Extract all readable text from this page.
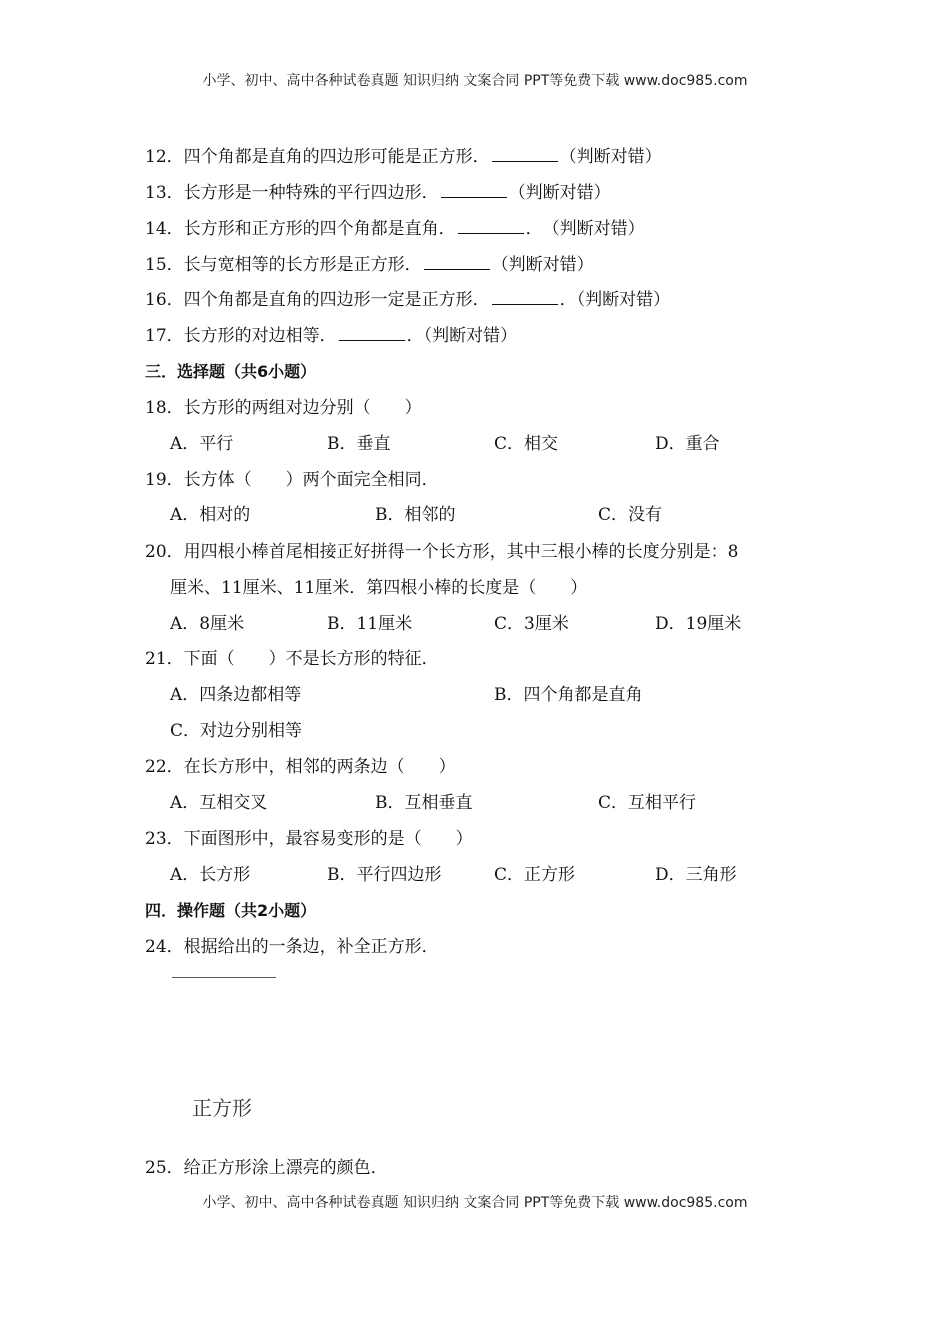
小学、初中、高中各种试卷真题 知识归纳 文案合同 PPT等免费下载 www.doc985.com
12．四个角都是直角的四边形可能是正方形．	（判断对错）
13．长方形是一种特殊的平行四边形．	（判断对错）
14．长方形和正方形的四个角都是直角．	．　（判断对错）
15．长与宽相等的长方形是正方形．	（判断对错）
16．四个角都是直角的四边形一定是正方形．	．（判断对错）
17．长方形的对边相等．	．（判断对错）
三．选择题（共6小题）
18．长方形的两组对边分别（　　）
A．平行	B．垂直	C．相交	D．重合
19．长方体（　　）两个面完全相同．
A．相对的	B．相邻的	C．没有
20．用四根小棒首尾相接正好拼得一个长方形，其中三根小棒的长度分别是：8
厘米、11厘米、11厘米．第四根小棒的长度是（　　）
A．8厘米	B．11厘米	C．3厘米	D．19厘米
21．下面（　　）不是长方形的特征．
A．四条边都相等	B．四个角都是直角
C．对边分别相等
22．在长方形中，相邻的两条边（　　）
A．互相交叉	B．互相垂直	C．互相平行
23．下面图形中，最容易变形的是（　　）
A．长方形	B．平行四边形	C．正方形	D．三角形
四．操作题（共2小题）
24．根据给出的一条边，补全正方形．
正方形
25．给正方形涂上漂亮的颜色．
小学、初中、高中各种试卷真题 知识归纳 文案合同 PPT等免费下载 www.doc985.com
